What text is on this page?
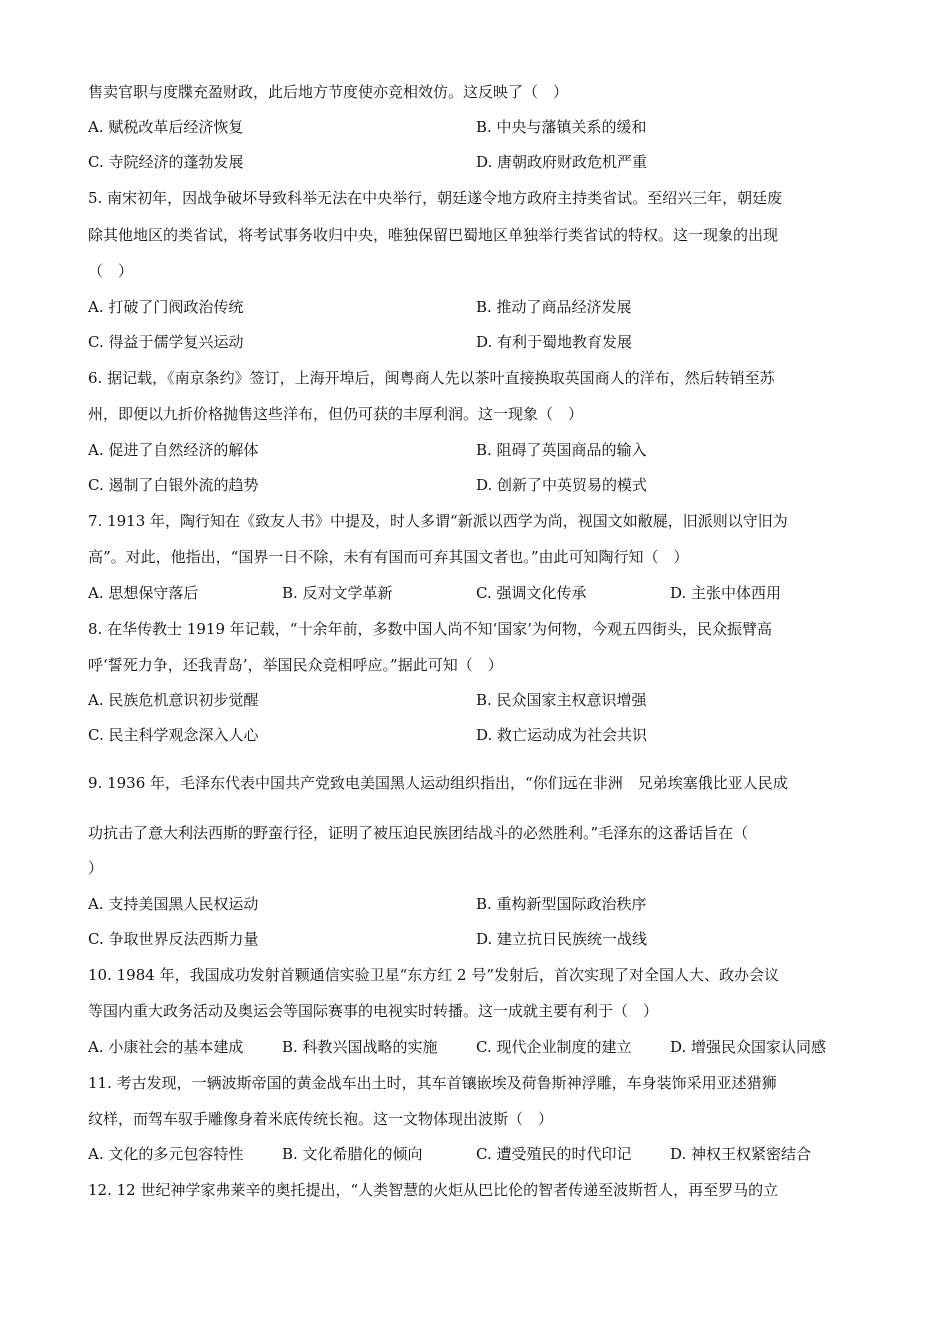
售卖官职与度牒充盈财政，此后地方节度使亦竞相效仿。这反映了（　）
A. 赋税改革后经济恢复	B. 中央与藩镇关系的缓和
C. 寺院经济的蓬勃发展	D. 唐朝政府财政危机严重
5. 南宋初年，因战争破坏导致科举无法在中央举行，朝廷遂令地方政府主持类省试。至绍兴三年，朝廷废
除其他地区的类省试，将考试事务收归中央，唯独保留巴蜀地区单独举行类省试的特权。这一现象的出现
（　）
A. 打破了门阀政治传统	B. 推动了商品经济发展
C. 得益于儒学复兴运动	D. 有利于蜀地教育发展
6. 据记载，《南京条约》签订，上海开埠后，闽粤商人先以茶叶直接换取英国商人的洋布，然后转销至苏
州，即便以九折价格抛售这些洋布，但仍可获的丰厚利润。这一现象（　）
A. 促进了自然经济的解体	B. 阻碍了英国商品的输入
C. 遏制了白银外流的趋势	D. 创新了中英贸易的模式
7. 1913 年，陶行知在《致友人书》中提及，时人多谓“新派以西学为尚，视国文如敝屣，旧派则以守旧为
高”。对此，他指出，“国界一日不除，未有有国而可弃其国文者也。”由此可知陶行知（　）
A. 思想保守落后	B. 反对文学革新	C. 强调文化传承	D. 主张中体西用
8. 在华传教士 1919 年记载，“十余年前，多数中国人尚不知‘国家’为何物，今观五四街头，民众振臂高
呼‘誓死力争，还我青岛’，举国民众竞相呼应。”据此可知（　）
A. 民族危机意识初步觉醒	B. 民众国家主权意识增强
C. 民主科学观念深入人心	D. 救亡运动成为社会共识
9. 1936 年，毛泽东代表中国共产党致电美国黑人运动组织指出，“你们远在非洲　兄弟埃塞俄比亚人民成
功抗击了意大利法西斯的野蛮行径，证明了被压迫民族团结战斗的必然胜利。”毛泽东的这番话旨在（
）
A. 支持美国黑人民权运动	B. 重构新型国际政治秩序
C. 争取世界反法西斯力量	D. 建立抗日民族统一战线
10. 1984 年，我国成功发射首颗通信实验卫星“东方红 2 号”发射后，首次实现了对全国人大、政办会议
等国内重大政务活动及奥运会等国际赛事的电视实时转播。这一成就主要有利于（　）
A. 小康社会的基本建成	B. 科教兴国战略的实施	C. 现代企业制度的建立	D. 增强民众国家认同感
11. 考古发现，一辆波斯帝国的黄金战车出土时，其车首镶嵌埃及荷鲁斯神浮雕，车身装饰采用亚述猎狮
纹样，而驾车驭手雕像身着米底传统长袍。这一文物体现出波斯（　）
A. 文化的多元包容特性	B. 文化希腊化的倾向	C. 遭受殖民的时代印记	D. 神权王权紧密结合
12. 12 世纪神学家弗莱辛的奥托提出，“人类智慧的火炬从巴比伦的智者传递至波斯哲人，再至罗马的立
